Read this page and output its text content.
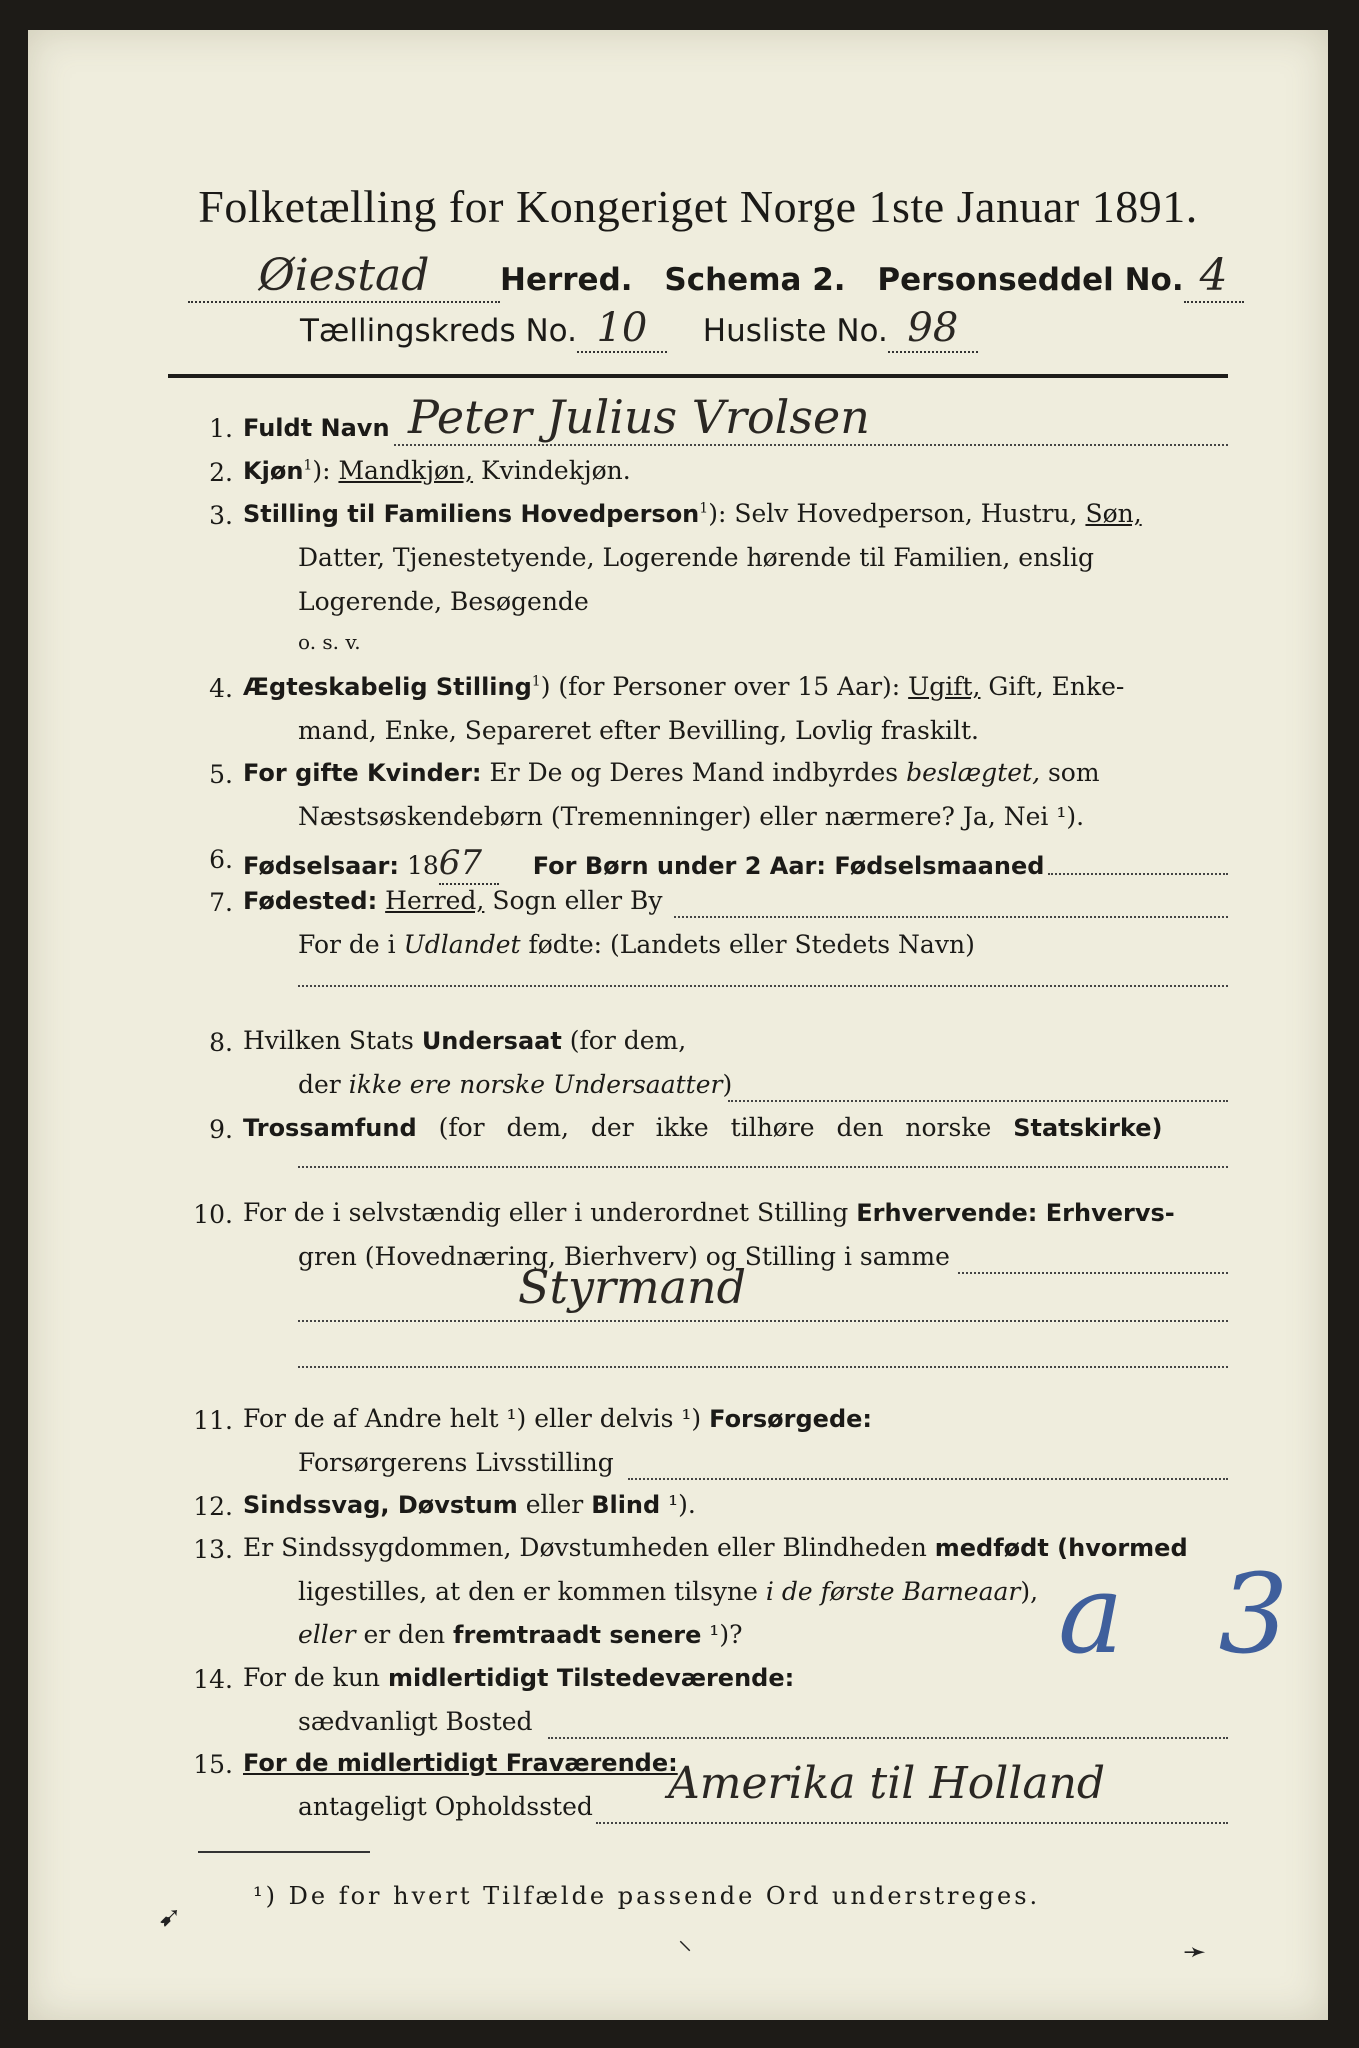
Folketælling for Kongeriget Norge 1ste Januar 1891.
Øiestad Herred. Schema 2. Personseddel No. 4
Tællingskreds No. 10 Husliste No. 98
1. Fuldt Navn Peter Julius Vrolsen
2. Kjøn$^1$): Mandkjøn, Kvindekjøn.
3. Stilling til Familiens Hovedperson$^1$): Selv Hovedperson, Hustru, Søn,
Datter, Tjenestetyende, Logerende hørende til Familien, enslig
Logerende, Besøgende
o. s. v.
4. Ægteskabelig Stilling$^1$) (for Personer over 15 Aar): Ugift, Gift, Enke-
mand, Enke, Separeret efter Bevilling, Lovlig fraskilt.
5. For gifte Kvinder: Er De og Deres Mand indbyrdes beslægtet, som
Næstsøskendebørn (Tremenninger) eller nærmere? Ja, Nei ¹).
6. Fødselsaar: 1867 For Børn under 2 Aar: Fødselsmaaned
7. Fødested: Herred, Sogn eller By
For de i Udlandet fødte: (Landets eller Stedets Navn)
8. Hvilken Stats Undersaat (for dem,
der ikke ere norske Undersaatter)
9. Trossamfund (for dem, der ikke tilhøre den norske Statskirke)
10. For de i selvstændig eller i underordnet Stilling Erhvervende: Erhvervs-
gren (Hovednæring, Bierhverv) og Stilling i samme
Styrmand
11. For de af Andre helt ¹) eller delvis ¹) Forsørgede:
Forsørgerens Livsstilling
12. Sindssvag, Døvstum eller Blind ¹).
13. Er Sindssygdommen, Døvstumheden eller Blindheden medfødt (hvormed
ligestilles, at den er kommen tilsyne i de første Barneaar),
eller er den fremtraadt senere ¹)?	a 3
14. For de kun midlertidigt Tilstedeværende:
sædvanligt Bosted
15. For de midlertidigt Fraværende:
antageligt Opholdssted Amerika til Holland
¹) De for hvert Tilfælde passende Ord understreges.
➹
⸜	➛
